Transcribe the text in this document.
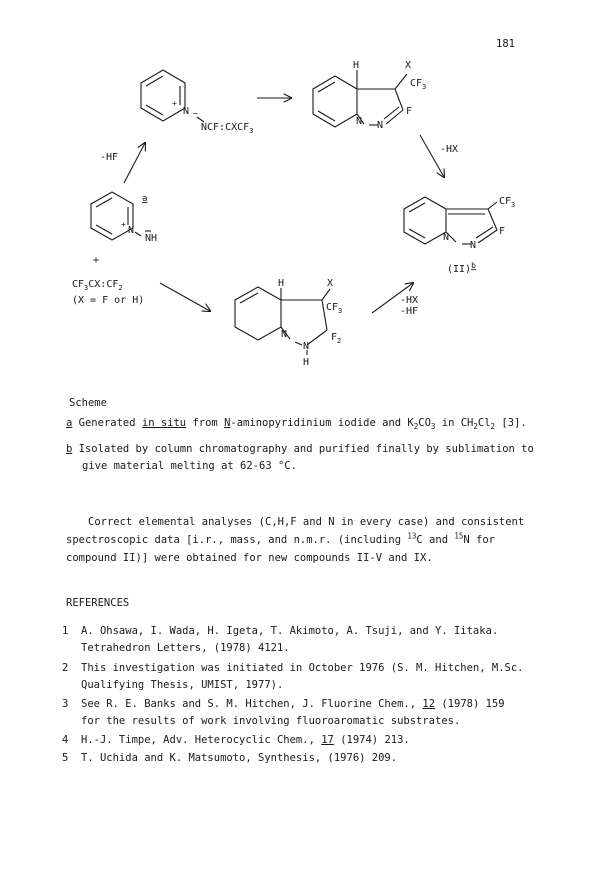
181
+
N −
$NCF:CXCF_3$
H	X
$CF_3$
N N
F
-HF
-HX
+
N
NH
a
+
$CF_3CX:CF_2$
(X = F or H)
$CF_3$
N
N
F
(II)$^b$
H	X
$CF_3$
N
N
H
$F_2$
-HX
-HF
Scheme
a Generated in situ from N-aminopyridinium iodide and $K_2CO_3$ in $CH_2Cl_2$ [3].
b Isolated by column chromatography and purified finally by sublimation to
give material melting at 62-63 °C.
Correct elemental analyses (C,H,F and N in every case) and consistent
spectroscopic data [i.r., mass, and n.m.r. (including $^{13}$C and $^{15}$N for
compound II)] were obtained for new compounds II-V and IX.
REFERENCES
1 A. Ohsawa, I. Wada, H. Igeta, T. Akimoto, A. Tsuji, and Y. Iitaka.
Tetrahedron Letters, (1978) 4121.
2 This investigation was initiated in October 1976 (S. M. Hitchen, M.Sc.
Qualifying Thesis, UMIST, 1977).
3 See R. E. Banks and S. M. Hitchen, J. Fluorine Chem., 12 (1978) 159
for the results of work involving fluoroaromatic substrates.
4 H.-J. Timpe, Adv. Heterocyclic Chem., 17 (1974) 213.
5 T. Uchida and K. Matsumoto, Synthesis, (1976) 209.
